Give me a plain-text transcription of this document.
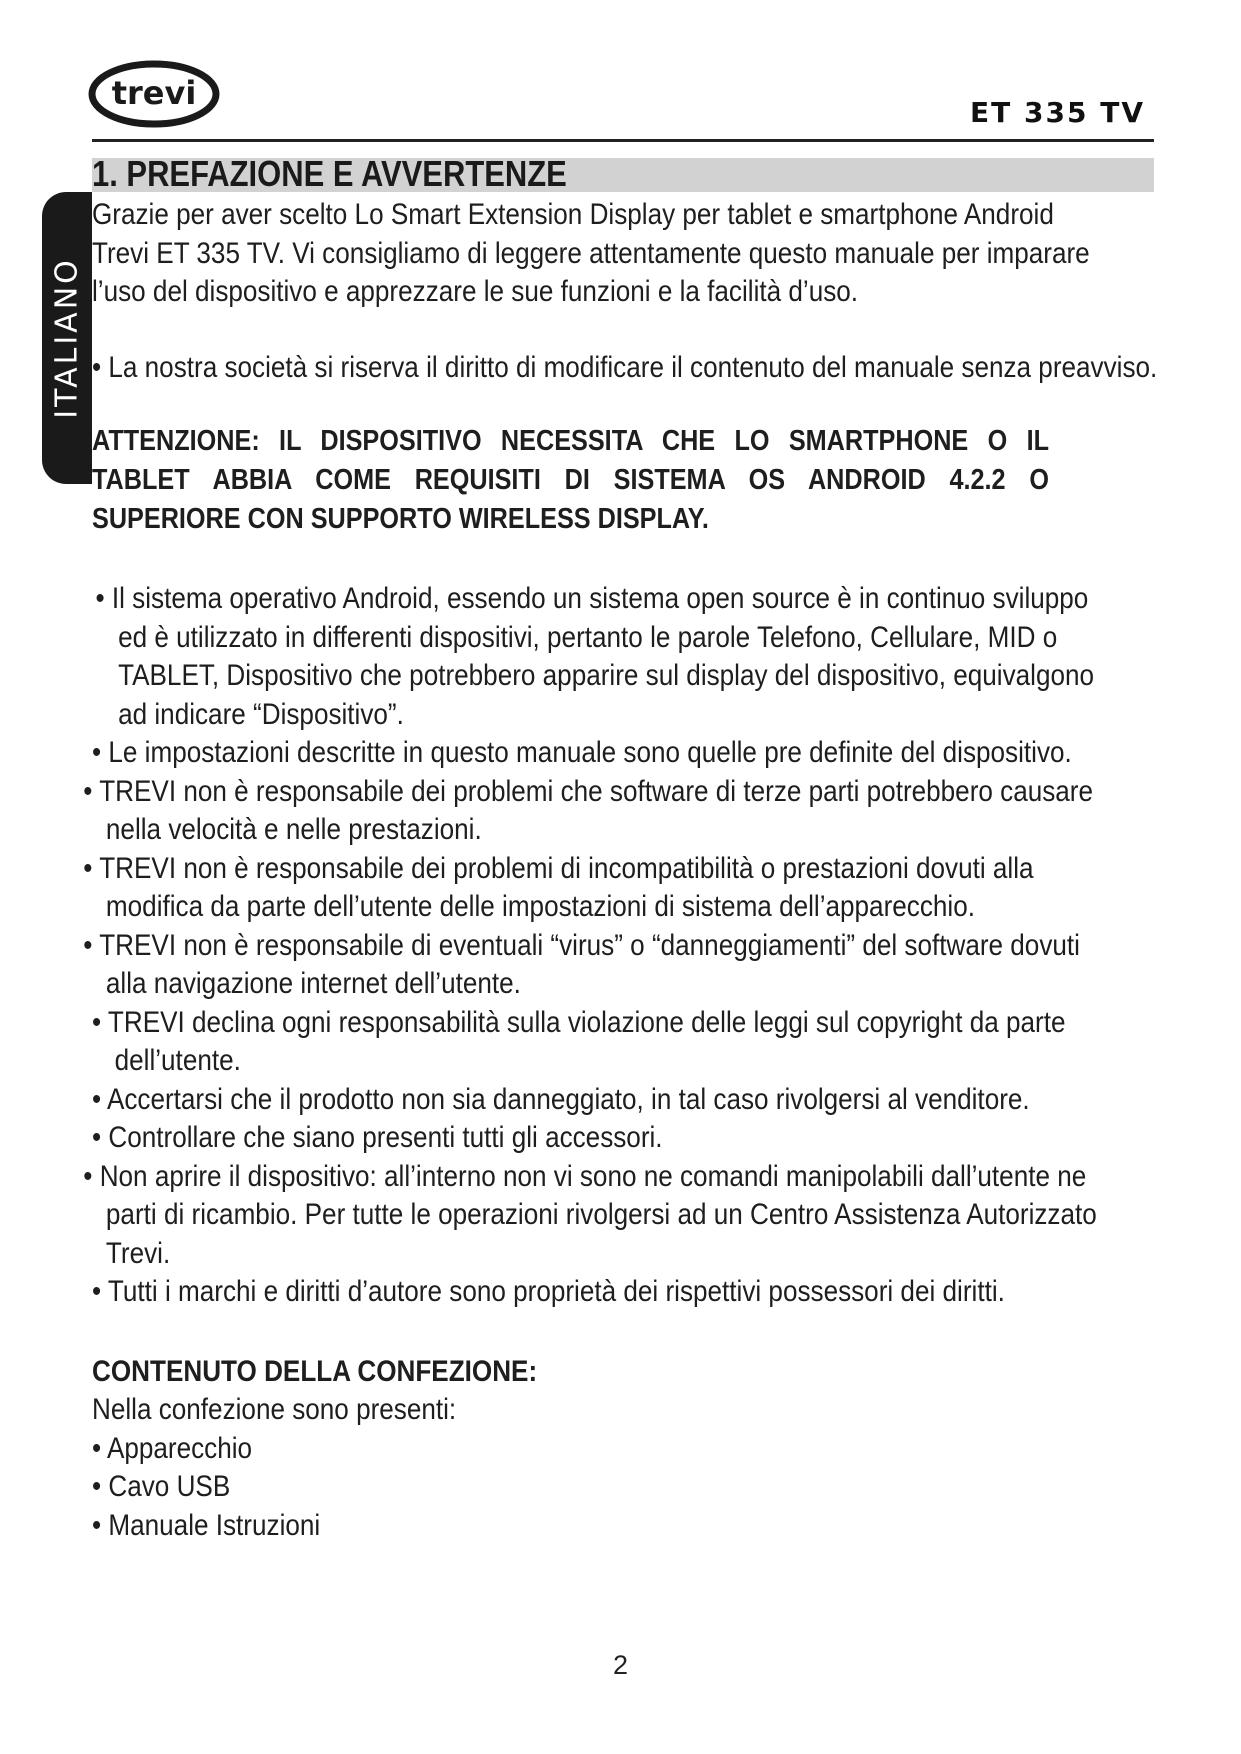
trevi
ET 335 TV
1. PREFAZIONE E AVVERTENZE
ITALIANO

Grazie per aver scelto Lo Smart Extension Display per tablet e smartphone Android Trevi ET 335 TV. Vi consigliamo di leggere attentamente questo manuale per imparare l’uso del dispositivo e apprezzare le sue funzioni e la facilità d’uso.

• La nostra società si riserva il diritto di modificare il contenuto del manuale senza preavviso.

ATTENZIONE: IL DISPOSITIVO NECESSITA CHE LO SMARTPHONE O IL TABLET ABBIA COME REQUISITI DI SISTEMA OS ANDROID 4.2.2 O SUPERIORE CON SUPPORTO WIRELESS DISPLAY.

• Il sistema operativo Android, essendo un sistema open source è in continuo sviluppo ed è utilizzato in differenti dispositivi, pertanto le parole Telefono, Cellulare, MID o TABLET, Dispositivo che potrebbero apparire sul display del dispositivo, equivalgono ad indicare “Dispositivo”.
• Le impostazioni descritte in questo manuale sono quelle pre definite del dispositivo.
• TREVI non è responsabile dei problemi che software di terze parti potrebbero causare nella velocità e nelle prestazioni.
• TREVI non è responsabile dei problemi di incompatibilità o prestazioni dovuti alla modifica da parte dell’utente delle impostazioni di sistema dell’apparecchio.
• TREVI non è responsabile di eventuali “virus” o “danneggiamenti” del software dovuti alla navigazione internet dell’utente.
• TREVI declina ogni responsabilità sulla violazione delle leggi sul copyright da parte dell’utente.
• Accertarsi che il prodotto non sia danneggiato, in tal caso rivolgersi al venditore.
• Controllare che siano presenti tutti gli accessori.
• Non aprire il dispositivo: all’interno non vi sono ne comandi manipolabili dall’utente ne parti di ricambio. Per tutte le operazioni rivolgersi ad un Centro Assistenza Autorizzato Trevi.
• Tutti i marchi e diritti d’autore sono proprietà dei rispettivi possessori dei diritti.

CONTENUTO DELLA CONFEZIONE:

Nella confezione sono presenti:

• Apparecchio
• Cavo USB
• Manuale Istruzioni
2
